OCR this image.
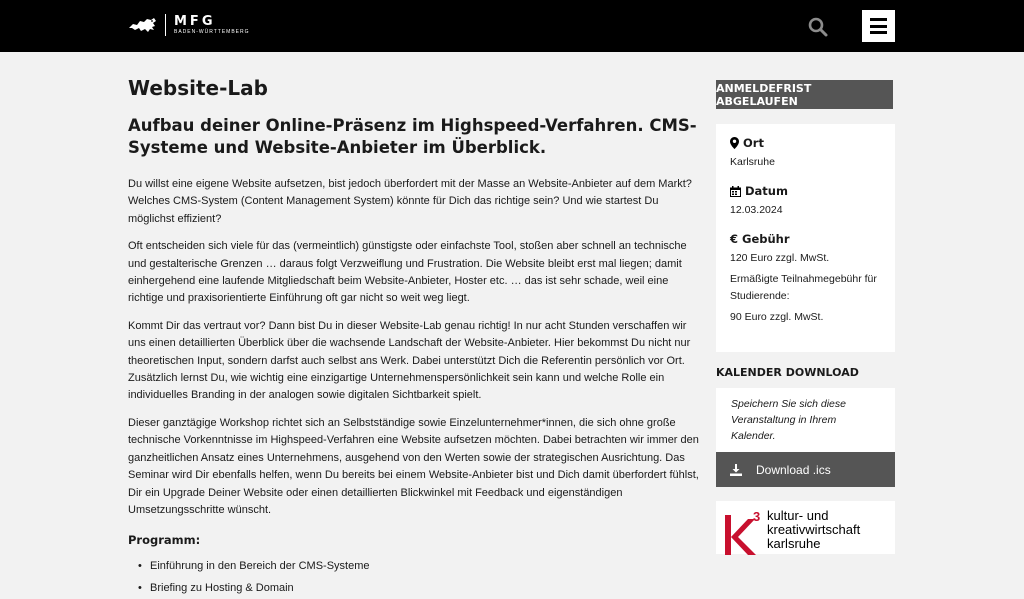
MFG
BADEN-WÜRTTEMBERG
Website-Lab
Aufbau deiner Online-Präsenz im Highspeed-Verfahren. CMS-Systeme und Website-Anbieter im Überblick.

Du willst eine eigene Website aufsetzen, bist jedoch überfordert mit der Masse an Website-Anbieter auf dem Markt? Welches CMS-System (Content Management System) könnte für Dich das richtige sein? Und wie startest Du möglichst effizient?

Oft entscheiden sich viele für das (vermeintlich) günstigste oder einfachste Tool, stoßen aber schnell an technische und gestalterische Grenzen … daraus folgt Verzweiflung und Frustration. Die Website bleibt erst mal liegen; damit einhergehend eine laufende Mitgliedschaft beim Website-Anbieter, Hoster etc. … das ist sehr schade, weil eine richtige und praxisorientierte Einführung oft gar nicht so weit weg liegt.

Kommt Dir das vertraut vor? Dann bist Du in dieser Website-Lab genau richtig! In nur acht Stunden verschaffen wir uns einen detaillierten Überblick über die wachsende Landschaft der Website-Anbieter. Hier bekommst Du nicht nur theoretischen Input, sondern darfst auch selbst ans Werk. Dabei unterstützt Dich die Referentin persönlich vor Ort. Zusätzlich lernst Du, wie wichtig eine einzigartige Unternehmenspersönlichkeit sein kann und welche Rolle ein individuelles Branding in der analogen sowie digitalen Sichtbarkeit spielt.

Dieser ganztägige Workshop richtet sich an Selbstständige sowie Einzelunternehmer*innen, die sich ohne große technische Vorkenntnisse im Highspeed-Verfahren eine Website aufsetzen möchten. Dabei betrachten wir immer den ganzheitlichen Ansatz eines Unternehmens, ausgehend von den Werten sowie der strategischen Ausrichtung. Das Seminar wird Dir ebenfalls helfen, wenn Du bereits bei einem Website-Anbieter bist und Dich damit überfordert fühlst, Dir ein Upgrade Deiner Website oder einen detaillierten Blickwinkel mit Feedback und eigenständigen Umsetzungsschritte wünscht.

Programm:
• Einführung in den Bereich der CMS-Systeme
• Briefing zu Hosting & Domain
ANMELDEFRIST ABGELAUFEN
Ort
Karlsruhe
Datum
12.03.2024
€ Gebühr
120 Euro zzgl. MwSt.
Ermäßigte Teilnahmegebühr für Studierende:
90 Euro zzgl. MwSt.
KALENDER DOWNLOAD
Speichern Sie sich diese Veranstaltung in Ihrem Kalender.
Download .ics
3 kultur- und
kreativwirtschaft
karlsruhe
